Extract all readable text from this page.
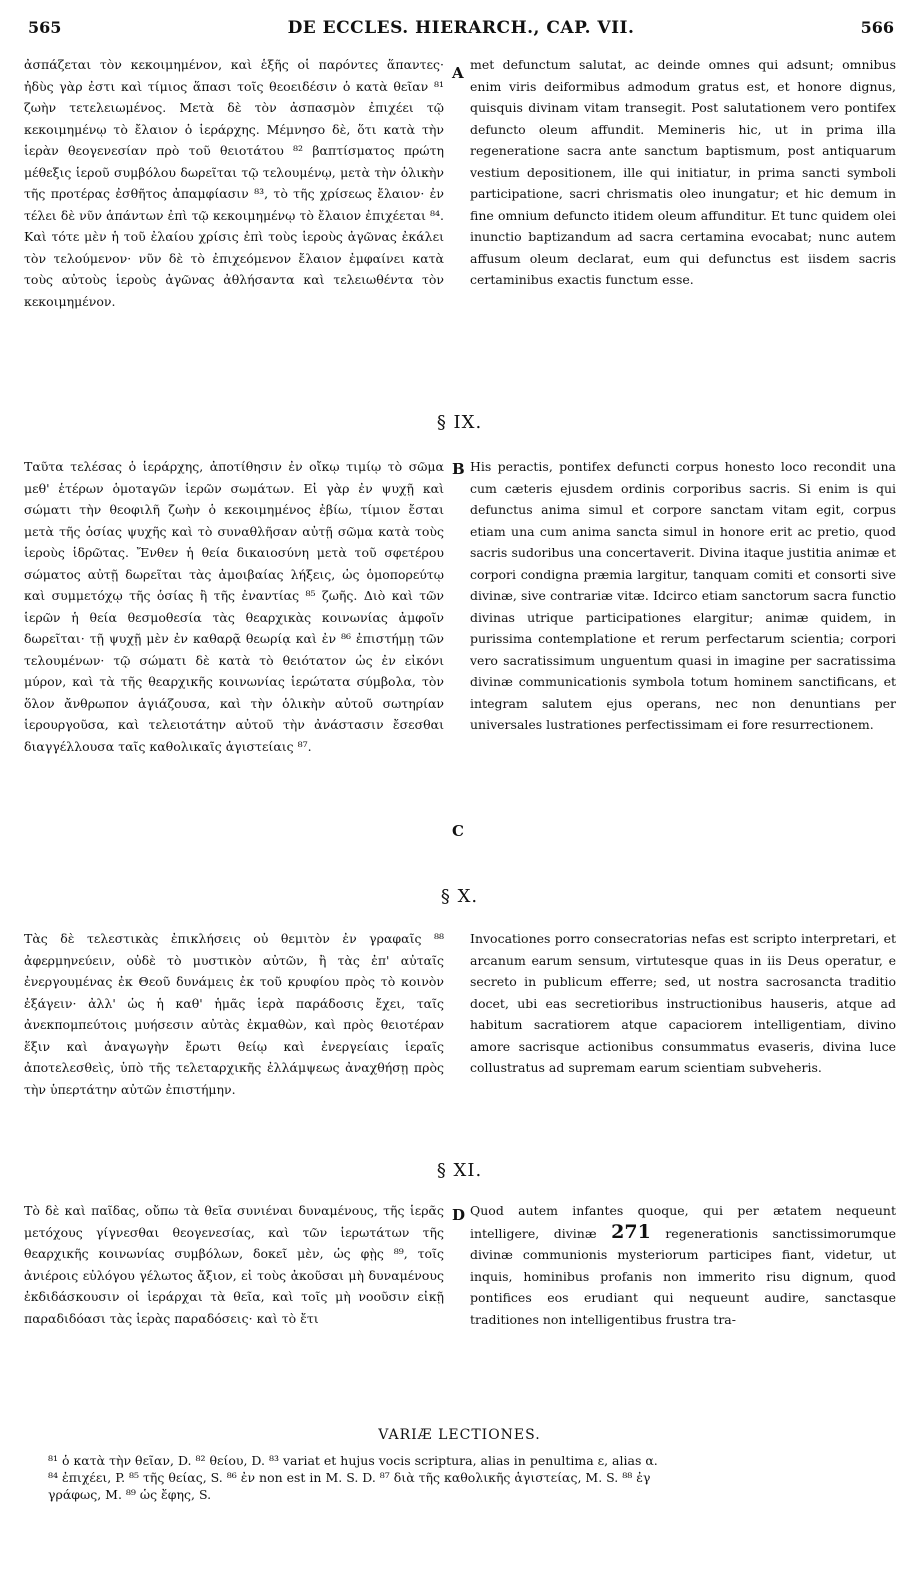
565	DE ECCLES. HIERARCH., CAP. VII.	566
ἀσπάζεται τὸν κεκοιμημένον, καὶ ἑξῆς οἱ παρόντες ἅπαντες· ἠδὺς γὰρ ἐστι καὶ τίμιος ἅπασι τοῖς θεοειδέσιν ὁ κατὰ θεῖαν ⁸¹ ζωὴν τετελειωμένος. Μετὰ δὲ τὸν ἀσπασμὸν ἐπιχέει τῷ κεκοιμημένῳ τὸ ἔλαιον ὁ ἱεράρχης. Μέμνησο δὲ, ὅτι κατὰ τὴν ἱερὰν θεογενεσίαν πρὸ τοῦ θειοτάτου ⁸² βαπτίσματος πρώτη μέθεξις ἱεροῦ συμβόλου δωρεῖται τῷ τελουμένῳ, μετὰ τὴν ὁλικὴν τῆς προτέρας ἐσθῆτος ἀπαμφίασιν ⁸³, τὸ τῆς χρίσεως ἔλαιον· ἐν τέλει δὲ νῦν ἁπάντων ἐπὶ τῷ κεκοιμημένῳ τὸ ἔλαιον ἐπιχέεται ⁸⁴. Καὶ τότε μὲν ἡ τοῦ ἐλαίου χρίσις ἐπὶ τοὺς ἱεροὺς ἀγῶνας ἐκάλει τὸν τελούμενον· νῦν δὲ τὸ ἐπιχεόμενον ἔλαιον ἐμφαίνει κατὰ τοὺς αὐτοὺς ἱεροὺς ἀγῶνας ἀθλήσαντα καὶ τελειωθέντα τὸν κεκοιμημένον.
A met defunctum salutat, ac deinde omnes qui adsunt; omnibus enim viris deiformibus admodum gratus est, et honore dignus, quisquis divinam vitam transegit. Post salutationem vero pontifex defuncto oleum affundit. Memineris hic, ut in prima illa regeneratione sacra ante sanctum baptismum, post antiquarum vestium depositionem, ille qui initiatur, in prima sancti symboli participatione, sacri chrismatis oleo inungatur; et hic demum in fine omnium defuncto itidem oleum affunditur. Et tunc quidem olei inunctio baptizandum ad sacra certamina evocabat; nunc autem affusum oleum declarat, eum qui defunctus est iisdem sacris certaminibus exactis functum esse.
§ IX.
Ταῦτα τελέσας ὁ ἱεράρχης, ἀποτίθησιν ἐν οἴκῳ τιμίῳ τὸ σῶμα μεθ' ἑτέρων ὁμοταγῶν ἱερῶν σωμάτων. Εἰ γὰρ ἐν ψυχῇ καὶ σώματι τὴν θεοφιλῆ ζωὴν ὁ κεκοιμημένος ἐβίω, τίμιον ἔσται μετὰ τῆς ὁσίας ψυχῆς καὶ τὸ συναθλῆσαν αὐτῇ σῶμα κατὰ τοὺς ἱεροὺς ἱδρῶτας. Ἔνθεν ἡ θεία δικαιοσύνη μετὰ τοῦ σφετέρου σώματος αὐτῇ δωρεῖται τὰς ἀμοιβαίας λήξεις, ὡς ὁμοπορεύτῳ καὶ συμμετόχῳ τῆς ὁσίας ἢ τῆς ἐναντίας ⁸⁵ ζωῆς. Διὸ καὶ τῶν ἱερῶν ἡ θεία θεσμοθεσία τὰς θεαρχικὰς κοινωνίας ἀμφοῖν δωρεῖται· τῇ ψυχῇ μὲν ἐν καθαρᾷ θεωρίᾳ καὶ ἐν ⁸⁶ ἐπιστήμῃ τῶν τελουμένων· τῷ σώματι δὲ κατὰ τὸ θειότατον ὡς ἐν εἰκόνι μύρον, καὶ τὰ τῆς θεαρχικῆς κοινωνίας ἱερώτατα σύμβολα, τὸν ὅλον ἄνθρωπον ἁγιάζουσα, καὶ τὴν ὁλικὴν αὐτοῦ σωτηρίαν ἱερουργοῦσα, καὶ τελειοτάτην αὐτοῦ τὴν ἀνάστασιν ἔσεσθαι διαγγέλλουσα ταῖς καθολικαῖς ἁγιστείαις ⁸⁷.
B
C
His peractis, pontifex defuncti corpus honesto loco recondit una cum cæteris ejusdem ordinis corporibus sacris. Si enim is qui defunctus anima simul et corpore sanctam vitam egit, corpus etiam una cum anima sancta simul in honore erit ac pretio, quod sacris sudoribus una concertaverit. Divina itaque justitia animæ et corpori condigna præmia largitur, tanquam comiti et consorti sive divinæ, sive contrariæ vitæ. Idcirco etiam sanctorum sacra functio divinas utrique participationes elargitur; animæ quidem, in purissima contemplatione et rerum perfectarum scientia; corpori vero sacratissimum unguentum quasi in imagine per sacratissima divinæ communicationis symbola totum hominem sanctificans, et integram salutem ejus operans, nec non denuntians per universales lustrationes perfectissimam ei fore resurrectionem.
§ X.
Τὰς δὲ τελεστικὰς ἐπικλήσεις οὐ θεμιτὸν ἐν γραφαῖς ⁸⁸ ἀφερμηνεύειν, οὐδὲ τὸ μυστικὸν αὐτῶν, ἢ τὰς ἐπ' αὐταῖς ἐνεργουμένας ἐκ Θεοῦ δυνάμεις ἐκ τοῦ κρυφίου πρὸς τὸ κοινὸν ἐξάγειν· ἀλλ' ὡς ἡ καθ' ἡμᾶς ἱερὰ παράδοσις ἔχει, ταῖς ἀνεκπομπεύτοις μυήσεσιν αὐτὰς ἐκμαθὼν, καὶ πρὸς θειοτέραν ἕξιν καὶ ἀναγωγὴν ἔρωτι θείῳ καὶ ἐνεργείαις ἱεραῖς ἀποτελεσθεὶς, ὑπὸ τῆς τελεταρχικῆς ἐλλάμψεως ἀναχθήσῃ πρὸς τὴν ὑπερτάτην αὐτῶν ἐπιστήμην.
Invocationes porro consecratorias nefas est scripto interpretari, et arcanum earum sensum, virtutesque quas in iis Deus operatur, e secreto in publicum efferre; sed, ut nostra sacrosancta traditio docet, ubi eas secretioribus instructionibus hauseris, atque ad habitum sacratiorem atque capaciorem intelligentiam, divino amore sacrisque actionibus consummatus evaseris, divina luce collustratus ad supremam earum scientiam subveheris.
§ XI.
Τὸ δὲ καὶ παῖδας, οὔπω τὰ θεῖα συνιέναι δυναμένους, τῆς ἱερᾶς μετόχους γίγνεσθαι θεογενεσίας, καὶ τῶν ἱερωτάτων τῆς θεαρχικῆς κοινωνίας συμβόλων, δοκεῖ μὲν, ὡς φῂς ⁸⁹, τοῖς ἀνιέροις εὐλόγου γέλωτος ἄξιον, εἰ τοὺς ἀκοῦσαι μὴ δυναμένους ἐκδιδάσκουσιν οἱ ἱεράρχαι τὰ θεῖα, καὶ τοῖς μὴ νοοῦσιν εἰκῇ παραδιδόασι τὰς ἱερὰς παραδόσεις· καὶ τὸ ἔτι
D Quod autem infantes quoque, qui per ætatem nequeunt intelligere, divinæ 271 regenerationis sanctissimorumque divinæ communionis mysteriorum participes fiant, videtur, ut inquis, hominibus profanis non immerito risu dignum, quod pontifices eos erudiant qui nequeunt audire, sanctasque traditiones non intelligentibus frustra tra-
VARIÆ LECTIONES.
⁸¹ ὁ κατὰ τὴν θεῖαν, D. ⁸² θείου, D. ⁸³ variat et hujus vocis scriptura, alias in penultima ε, alias α.
⁸⁴ ἐπιχέει, P. ⁸⁵ τῆς θείας, S. ⁸⁶ ἐν non est in M. S. D. ⁸⁷ διὰ τῆς καθολικῆς ἁγιστείας, M. S. ⁸⁸ ἐγ
γράφως, M. ⁸⁹ ὡς ἔφης, S.
